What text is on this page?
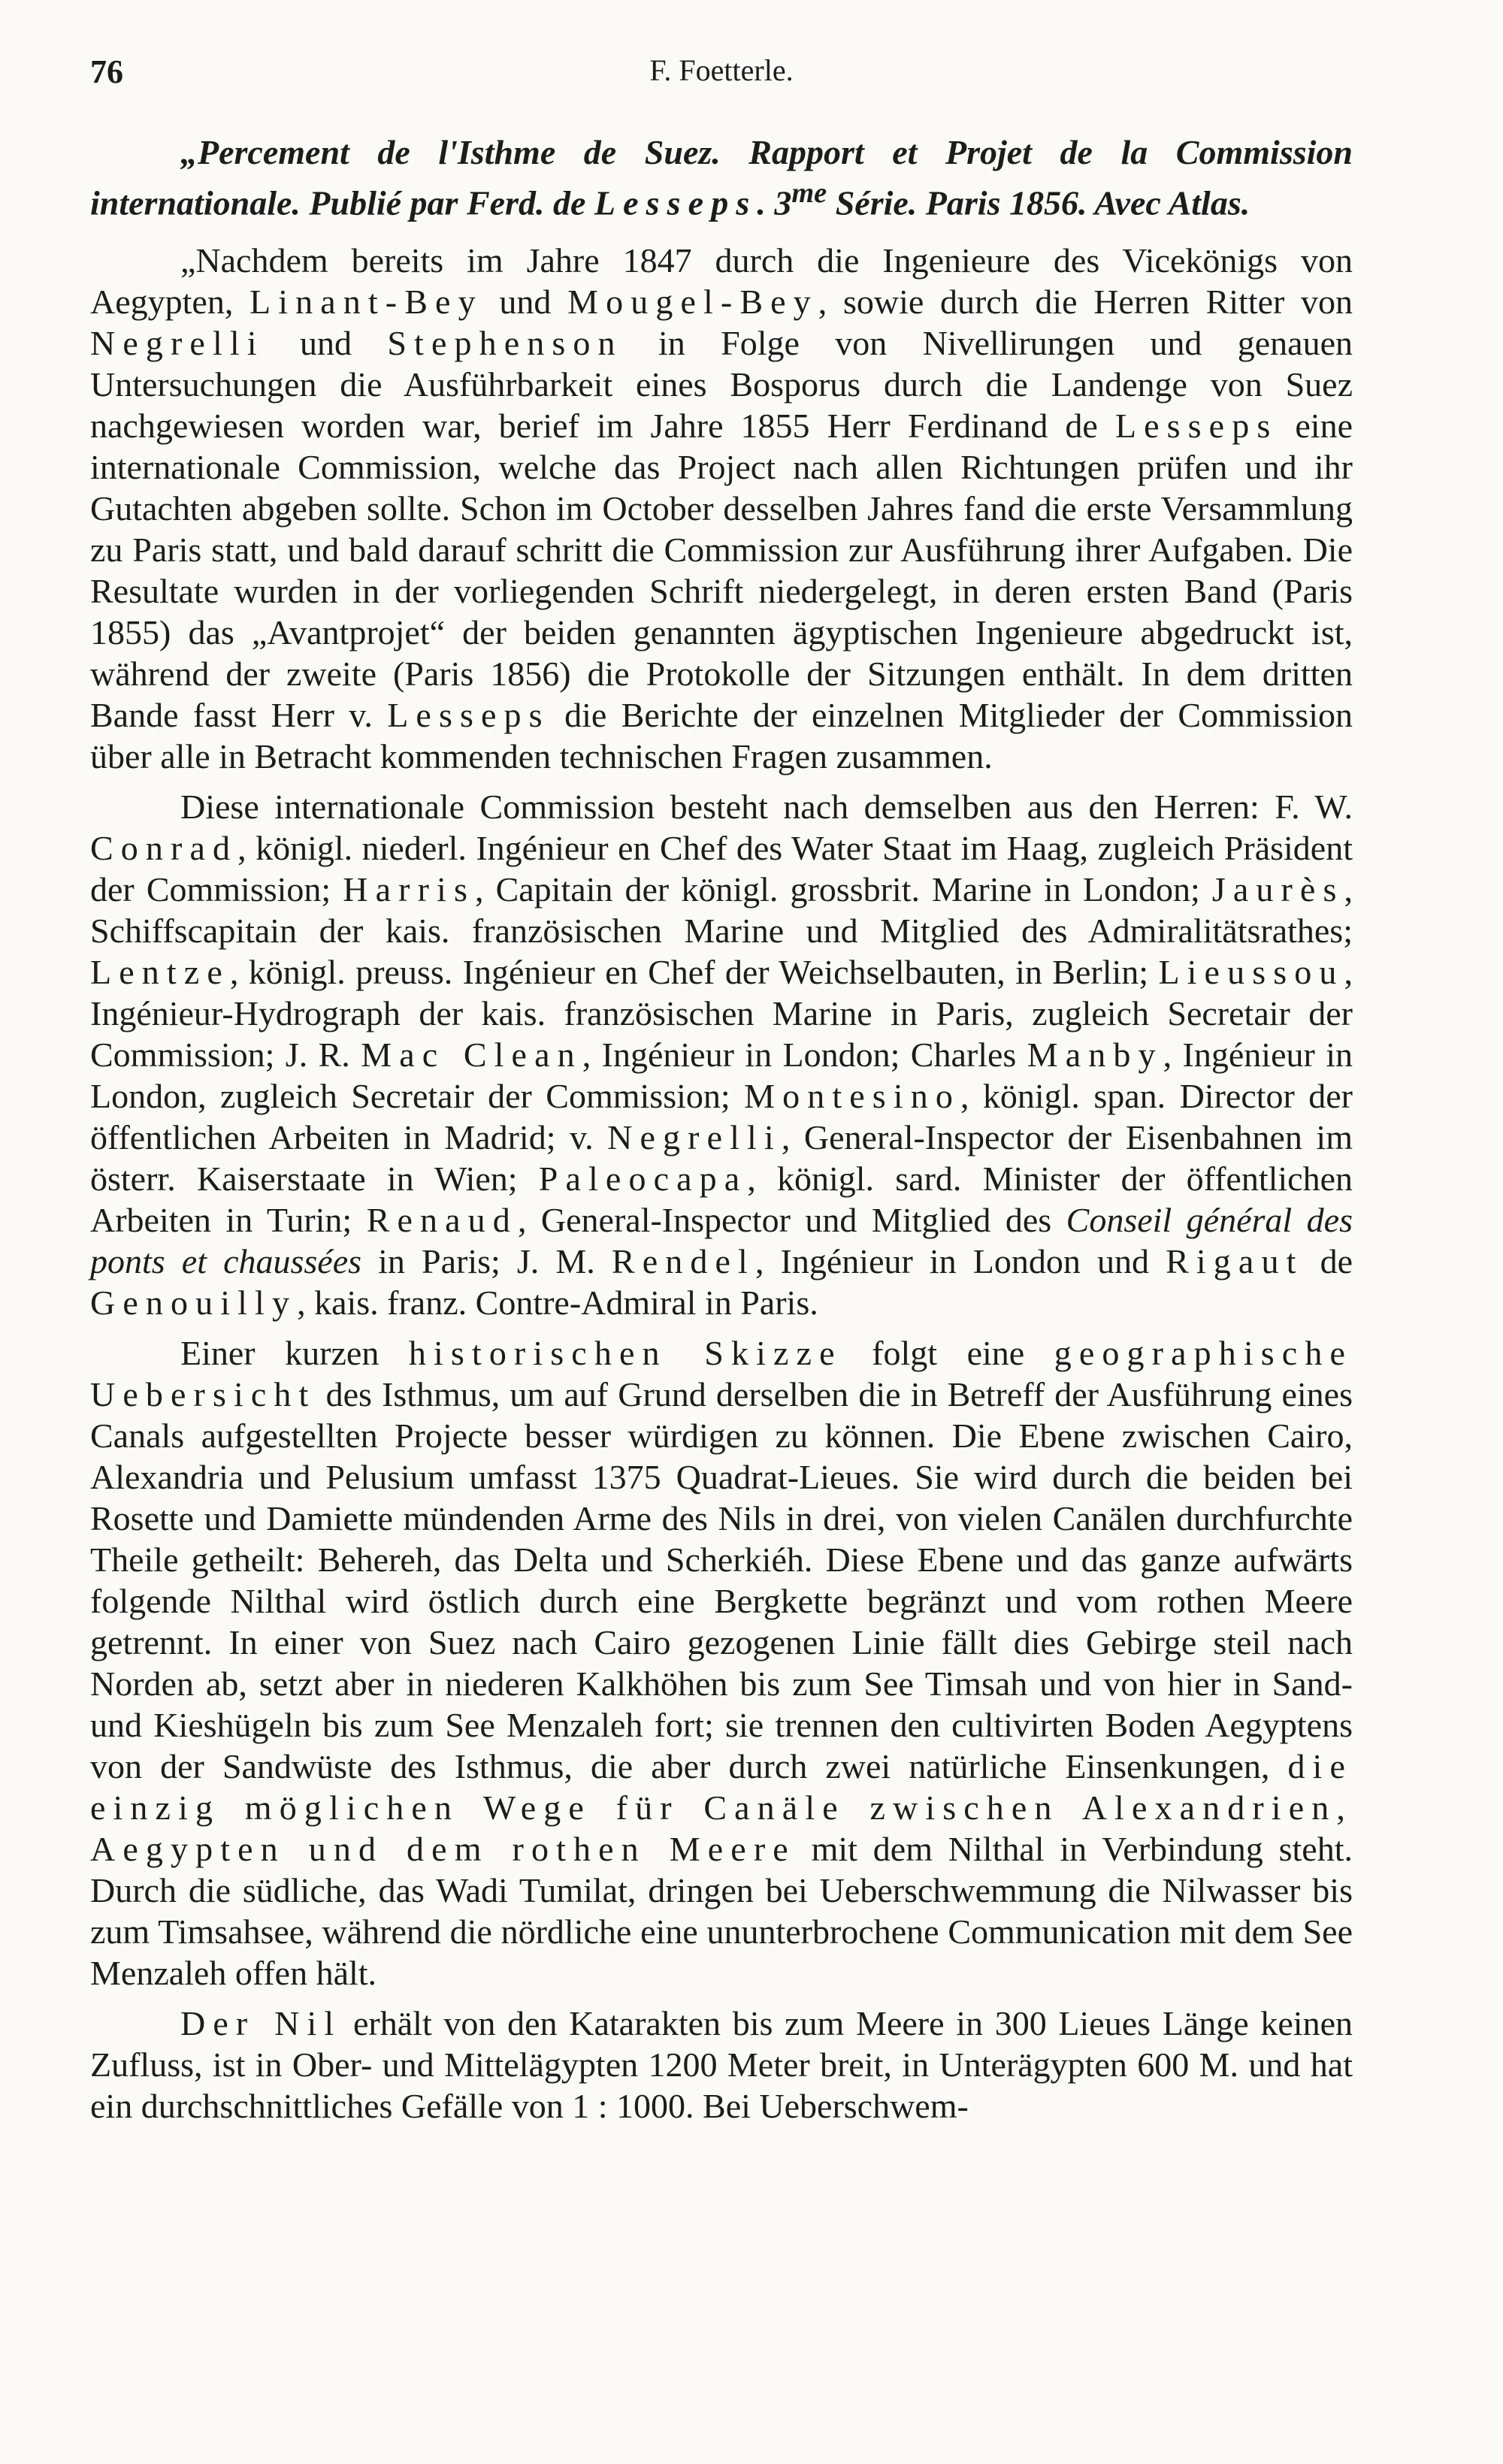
76	F. Foetterle.

„Percement de l'Isthme de Suez. Rapport et Projet de la Commission internationale. Publié par Ferd. de Lesseps. $3^{me}$ Série. Paris 1856. Avec Atlas.

„Nachdem bereits im Jahre 1847 durch die Ingenieure des Vicekönigs von Aegypten, Linant-Bey und Mougel-Bey, sowie durch die Herren Ritter von Negrelli und Stephenson in Folge von Nivellirungen und genauen Untersuchungen die Ausführbarkeit eines Bosporus durch die Landenge von Suez nachgewiesen worden war, berief im Jahre 1855 Herr Ferdinand de Lesseps eine internationale Commission, welche das Project nach allen Richtungen prüfen und ihr Gutachten abgeben sollte. Schon im October desselben Jahres fand die erste Versammlung zu Paris statt, und bald darauf schritt die Commission zur Ausführung ihrer Aufgaben. Die Resultate wurden in der vorliegenden Schrift niedergelegt, in deren ersten Band (Paris 1855) das „Avantprojet“ der beiden genannten ägyptischen Ingenieure abgedruckt ist, während der zweite (Paris 1856) die Protokolle der Sitzungen enthält. In dem dritten Bande fasst Herr v. Lesseps die Berichte der einzelnen Mitglieder der Commission über alle in Betracht kommenden technischen Fragen zusammen.

Diese internationale Commission besteht nach demselben aus den Herren: F. W. Conrad, königl. niederl. Ingénieur en Chef des Water Staat im Haag, zugleich Präsident der Commission; Harris, Capitain der königl. grossbrit. Marine in London; Jaurès, Schiffscapitain der kais. französischen Marine und Mitglied des Admiralitätsrathes; Lentze, königl. preuss. Ingénieur en Chef der Weichselbauten, in Berlin; Lieussou, Ingénieur-Hydrograph der kais. französischen Marine in Paris, zugleich Secretair der Commission; J. R. Mac Clean, Ingénieur in London; Charles Manby, Ingénieur in London, zugleich Secretair der Commission; Montesino, königl. span. Director der öffentlichen Arbeiten in Madrid; v. Negrelli, General-Inspector der Eisenbahnen im österr. Kaiserstaate in Wien; Paleocapa, königl. sard. Minister der öffentlichen Arbeiten in Turin; Renaud, General-Inspector und Mitglied des Conseil général des ponts et chaussées in Paris; J. M. Rendel, Ingénieur in London und Rigaut de Genouilly, kais. franz. Contre-Admiral in Paris.

Einer kurzen historischen Skizze folgt eine geographische Uebersicht des Isthmus, um auf Grund derselben die in Betreff der Ausführung eines Canals aufgestellten Projecte besser würdigen zu können. Die Ebene zwischen Cairo, Alexandria und Pelusium umfasst 1375 Quadrat-Lieues. Sie wird durch die beiden bei Rosette und Damiette mündenden Arme des Nils in drei, von vielen Canälen durchfurchte Theile getheilt: Behereh, das Delta und Scherkiéh. Diese Ebene und das ganze aufwärts folgende Nilthal wird östlich durch eine Bergkette begränzt und vom rothen Meere getrennt. In einer von Suez nach Cairo gezogenen Linie fällt dies Gebirge steil nach Norden ab, setzt aber in niederen Kalkhöhen bis zum See Timsah und von hier in Sand- und Kieshügeln bis zum See Menzaleh fort; sie trennen den cultivirten Boden Aegyptens von der Sandwüste des Isthmus, die aber durch zwei natürliche Einsenkungen, die einzig möglichen Wege für Canäle zwischen Alexandrien, Aegypten und dem rothen Meere mit dem Nilthal in Verbindung steht. Durch die südliche, das Wadi Tumilat, dringen bei Ueberschwemmung die Nilwasser bis zum Timsahsee, während die nördliche eine ununterbrochene Communication mit dem See Menzaleh offen hält.

Der Nil erhält von den Katarakten bis zum Meere in 300 Lieues Länge keinen Zufluss, ist in Ober- und Mittelägypten 1200 Meter breit, in Unterägypten 600 M. und hat ein durchschnittliches Gefälle von 1 : 1000. Bei Ueberschwem-
